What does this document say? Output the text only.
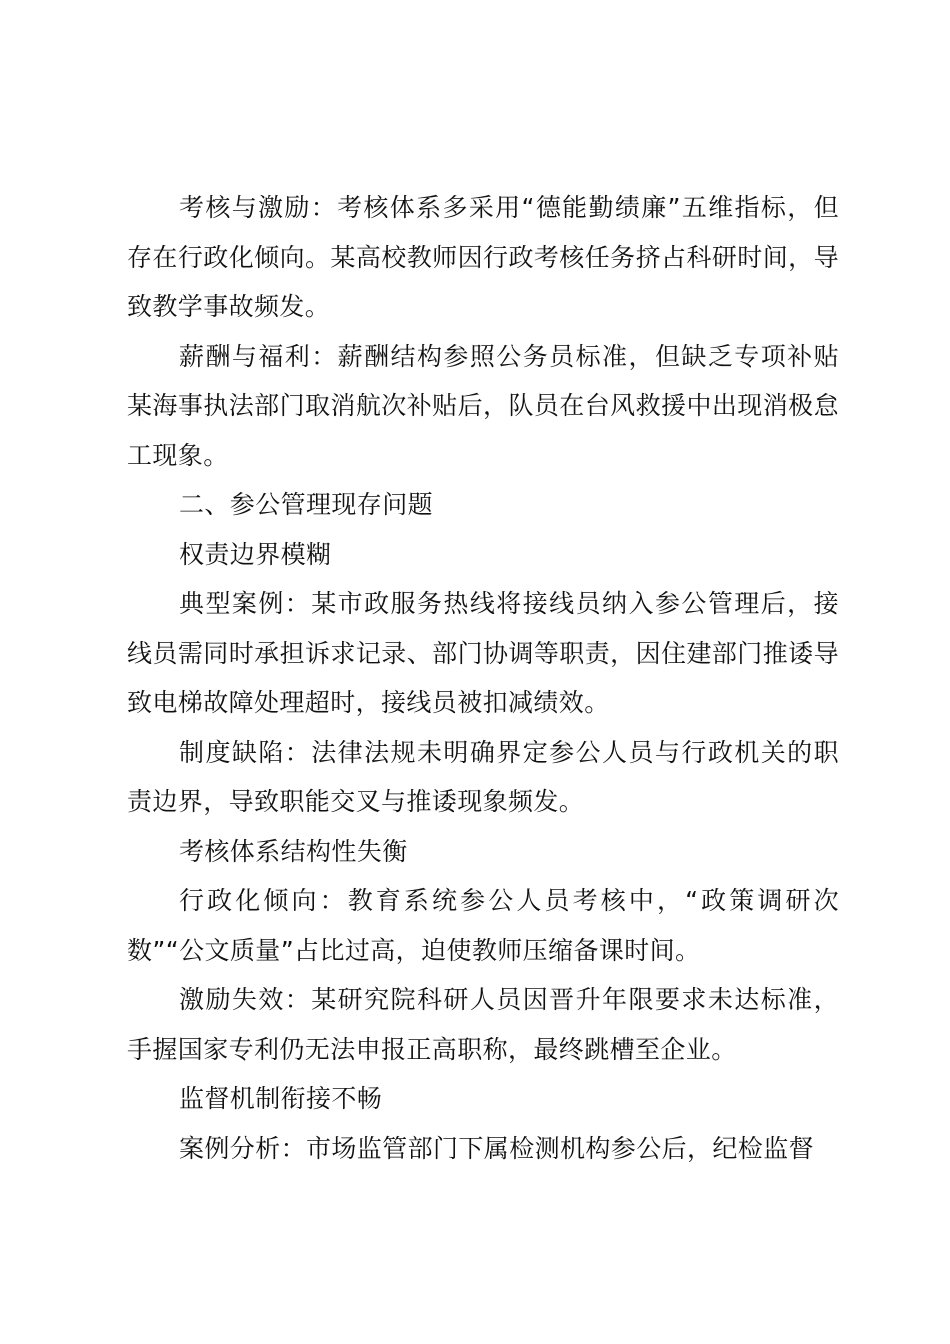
考核与激励：考核体系多采用“德能勤绩廉”五维指标，但存在行政化倾向。某高校教师因行政考核任务挤占科研时间，导致教学事故频发。

薪酬与福利：薪酬结构参照公务员标准，但缺乏专项补贴某海事执法部门取消航次补贴后，队员在台风救援中出现消极怠工现象。

二、参公管理现存问题

权责边界模糊

典型案例：某市政服务热线将接线员纳入参公管理后，接线员需同时承担诉求记录、部门协调等职责，因住建部门推诿导致电梯故障处理超时，接线员被扣减绩效。

制度缺陷：法律法规未明确界定参公人员与行政机关的职责边界，导致职能交叉与推诿现象频发。

考核体系结构性失衡

行政化倾向：教育系统参公人员考核中，“政策调研次数”“公文质量”占比过高，迫使教师压缩备课时间。

激励失效：某研究院科研人员因晋升年限要求未达标准，手握国家专利仍无法申报正高职称，最终跳槽至企业。

监督机制衔接不畅

案例分析：市场监管部门下属检测机构参公后，纪检监督
